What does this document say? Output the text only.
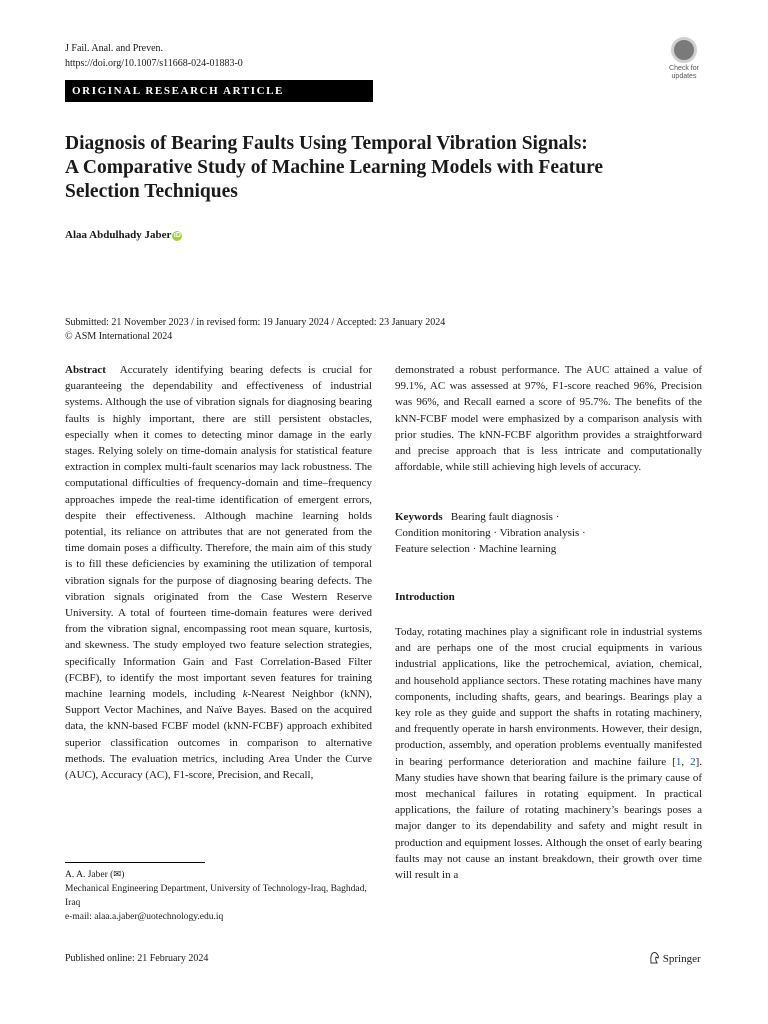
J Fail. Anal. and Preven.
https://doi.org/10.1007/s11668-024-01883-0	Check for
updates
ORIGINAL RESEARCH ARTICLE
Diagnosis of Bearing Faults Using Temporal Vibration Signals:
A Comparative Study of Machine Learning Models with Feature
Selection Techniques
Alaa Abdulhady Jaber iD
Submitted: 21 November 2023 / in revised form: 19 January 2024 / Accepted: 23 January 2024
© ASM International 2024
Abstract Accurately identifying bearing defects is crucial for guaranteeing the dependability and effectiveness of industrial systems. Although the use of vibration signals for diagnosing bearing faults is highly important, there are still persistent obstacles, especially when it comes to detecting minor damage in the early stages. Relying solely on time-domain analysis for statistical feature extraction in complex multi-fault scenarios may lack robustness. The computational difficulties of frequency-domain and time–frequency approaches impede the real-time identification of emergent errors, despite their effectiveness. Although machine learning holds potential, its reliance on attributes that are not generated from the time domain poses a difficulty. Therefore, the main aim of this study is to fill these deficiencies by examining the utilization of temporal vibration signals for the purpose of diagnosing bearing defects. The vibration signals originated from the Case Western Reserve University. A total of fourteen time-domain features were derived from the vibration signal, encompassing root mean square, kurtosis, and skewness. The study employed two feature selection strategies, specifically Information Gain and Fast Correlation-Based Filter (FCBF), to identify the most important seven features for training machine learning models, including k-Nearest Neighbor (kNN), Support Vector Machines, and Naïve Bayes. Based on the acquired data, the kNN-based FCBF model (kNN-FCBF) approach exhibited superior classification outcomes in comparison to alternative methods. The evaluation metrics, including Area Under the Curve (AUC), Accuracy (AC), F1-score, Precision, and Recall,
demonstrated a robust performance. The AUC attained a value of 99.1%, AC was assessed at 97%, F1-score reached 96%, Precision was 96%, and Recall earned a score of 95.7%. The benefits of the kNN-FCBF model were emphasized by a comparison analysis with prior studies. The kNN-FCBF algorithm provides a straightforward and precise approach that is less intricate and computationally affordable, while still achieving high levels of accuracy.
Keywords Bearing fault diagnosis ·
Condition monitoring · Vibration analysis ·
Feature selection · Machine learning
Introduction
Today, rotating machines play a significant role in industrial systems and are perhaps one of the most crucial equipments in various industrial applications, like the petrochemical, aviation, chemical, and household appliance sectors. These rotating machines have many components, including shafts, gears, and bearings. Bearings play a key role as they guide and support the shafts in rotating machinery, and frequently operate in harsh environments. However, their design, production, assembly, and operation problems eventually manifested in bearing performance deterioration and machine failure [1, 2]. Many studies have shown that bearing failure is the primary cause of most mechanical failures in rotating equipment. In practical applications, the failure of rotating machinery’s bearings poses a major danger to its dependability and safety and might result in production and equipment losses. Although the onset of early bearing faults may not cause an instant breakdown, their growth over time will result in a
A. A. Jaber (✉)
Mechanical Engineering Department, University of Technology-Iraq, Baghdad, Iraq
e-mail: alaa.a.jaber@uotechnology.edu.iq
Published online: 21 February 2024	Springer
